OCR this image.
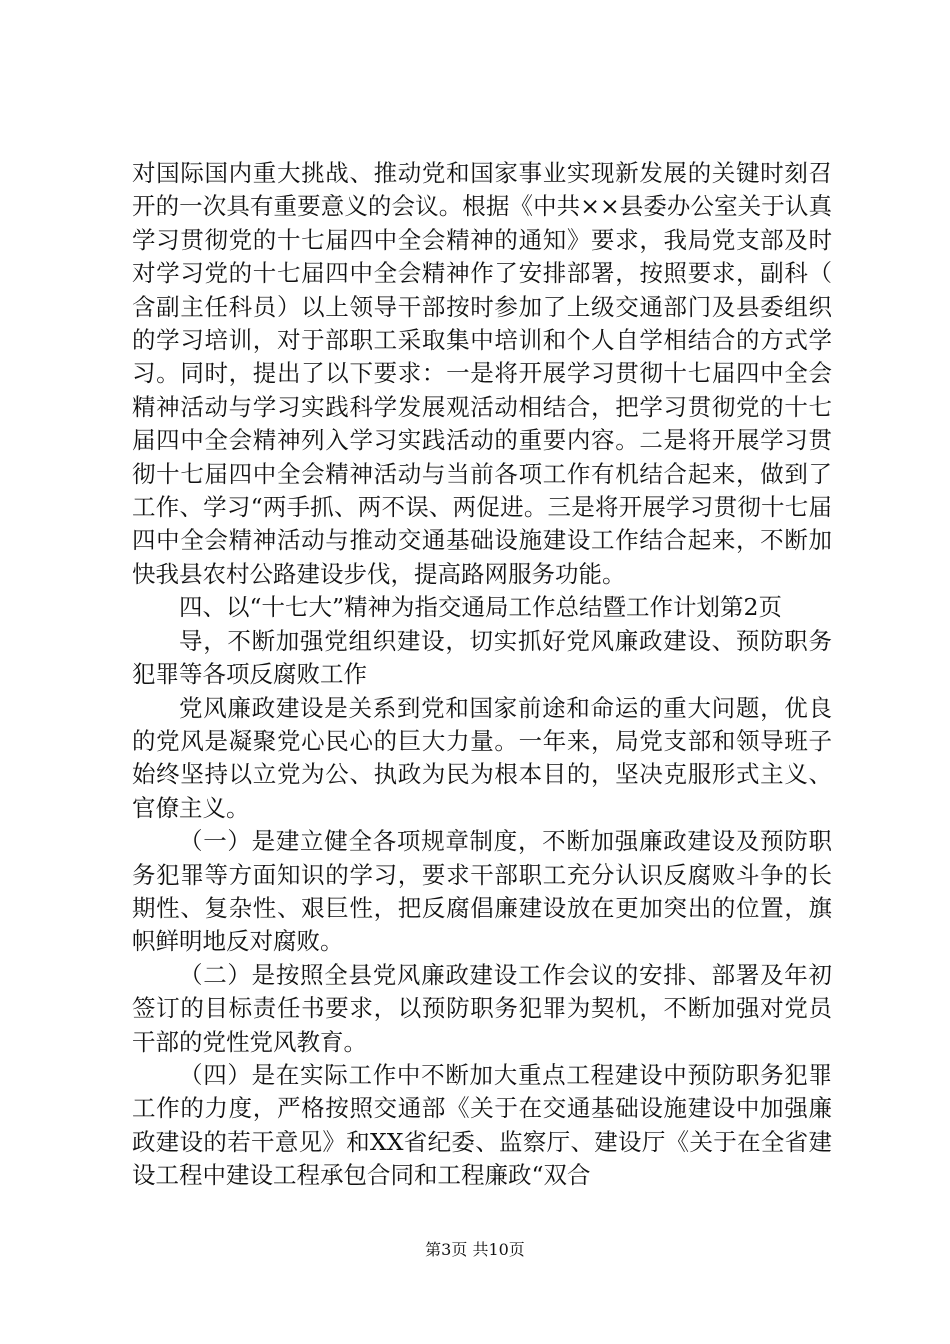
对国际国内重大挑战、推动党和国家事业实现新发展的关键时刻召开的一次具有重要意义的会议。根据《中共××县委办公室关于认真学习贯彻党的十七届四中全会精神的通知》要求，我局党支部及时对学习党的十七届四中全会精神作了安排部署，按照要求，副科（含副主任科员）以上领导干部按时参加了上级交通部门及县委组织的学习培训，对于部职工采取集中培训和个人自学相结合的方式学习。同时，提出了以下要求：一是将开展学习贯彻十七届四中全会精神活动与学习实践科学发展观活动相结合，把学习贯彻党的十七届四中全会精神列入学习实践活动的重要内容。二是将开展学习贯彻十七届四中全会精神活动与当前各项工作有机结合起来，做到了工作、学习“两手抓、两不误、两促进。三是将开展学习贯彻十七届四中全会精神活动与推动交通基础设施建设工作结合起来，不断加快我县农村公路建设步伐，提高路网服务功能。

四、以“十七大”精神为指交通局工作总结暨工作计划第2页

导，不断加强党组织建设，切实抓好党风廉政建设、预防职务犯罪等各项反腐败工作

党风廉政建设是关系到党和国家前途和命运的重大问题，优良的党风是凝聚党心民心的巨大力量。一年来，局党支部和领导班子始终坚持以立党为公、执政为民为根本目的，坚决克服形式主义、官僚主义。

（一）是建立健全各项规章制度，不断加强廉政建设及预防职务犯罪等方面知识的学习，要求干部职工充分认识反腐败斗争的长期性、复杂性、艰巨性，把反腐倡廉建设放在更加突出的位置，旗帜鲜明地反对腐败。

（二）是按照全县党风廉政建设工作会议的安排、部署及年初签订的目标责任书要求，以预防职务犯罪为契机，不断加强对党员干部的党性党风教育。

（四）是在实际工作中不断加大重点工程建设中预防职务犯罪工作的力度，严格按照交通部《关于在交通基础设施建设中加强廉政建设的若干意见》和XX省纪委、监察厅、建设厅《关于在全省建设工程中建设工程承包合同和工程廉政“双合

第3页 共10页
